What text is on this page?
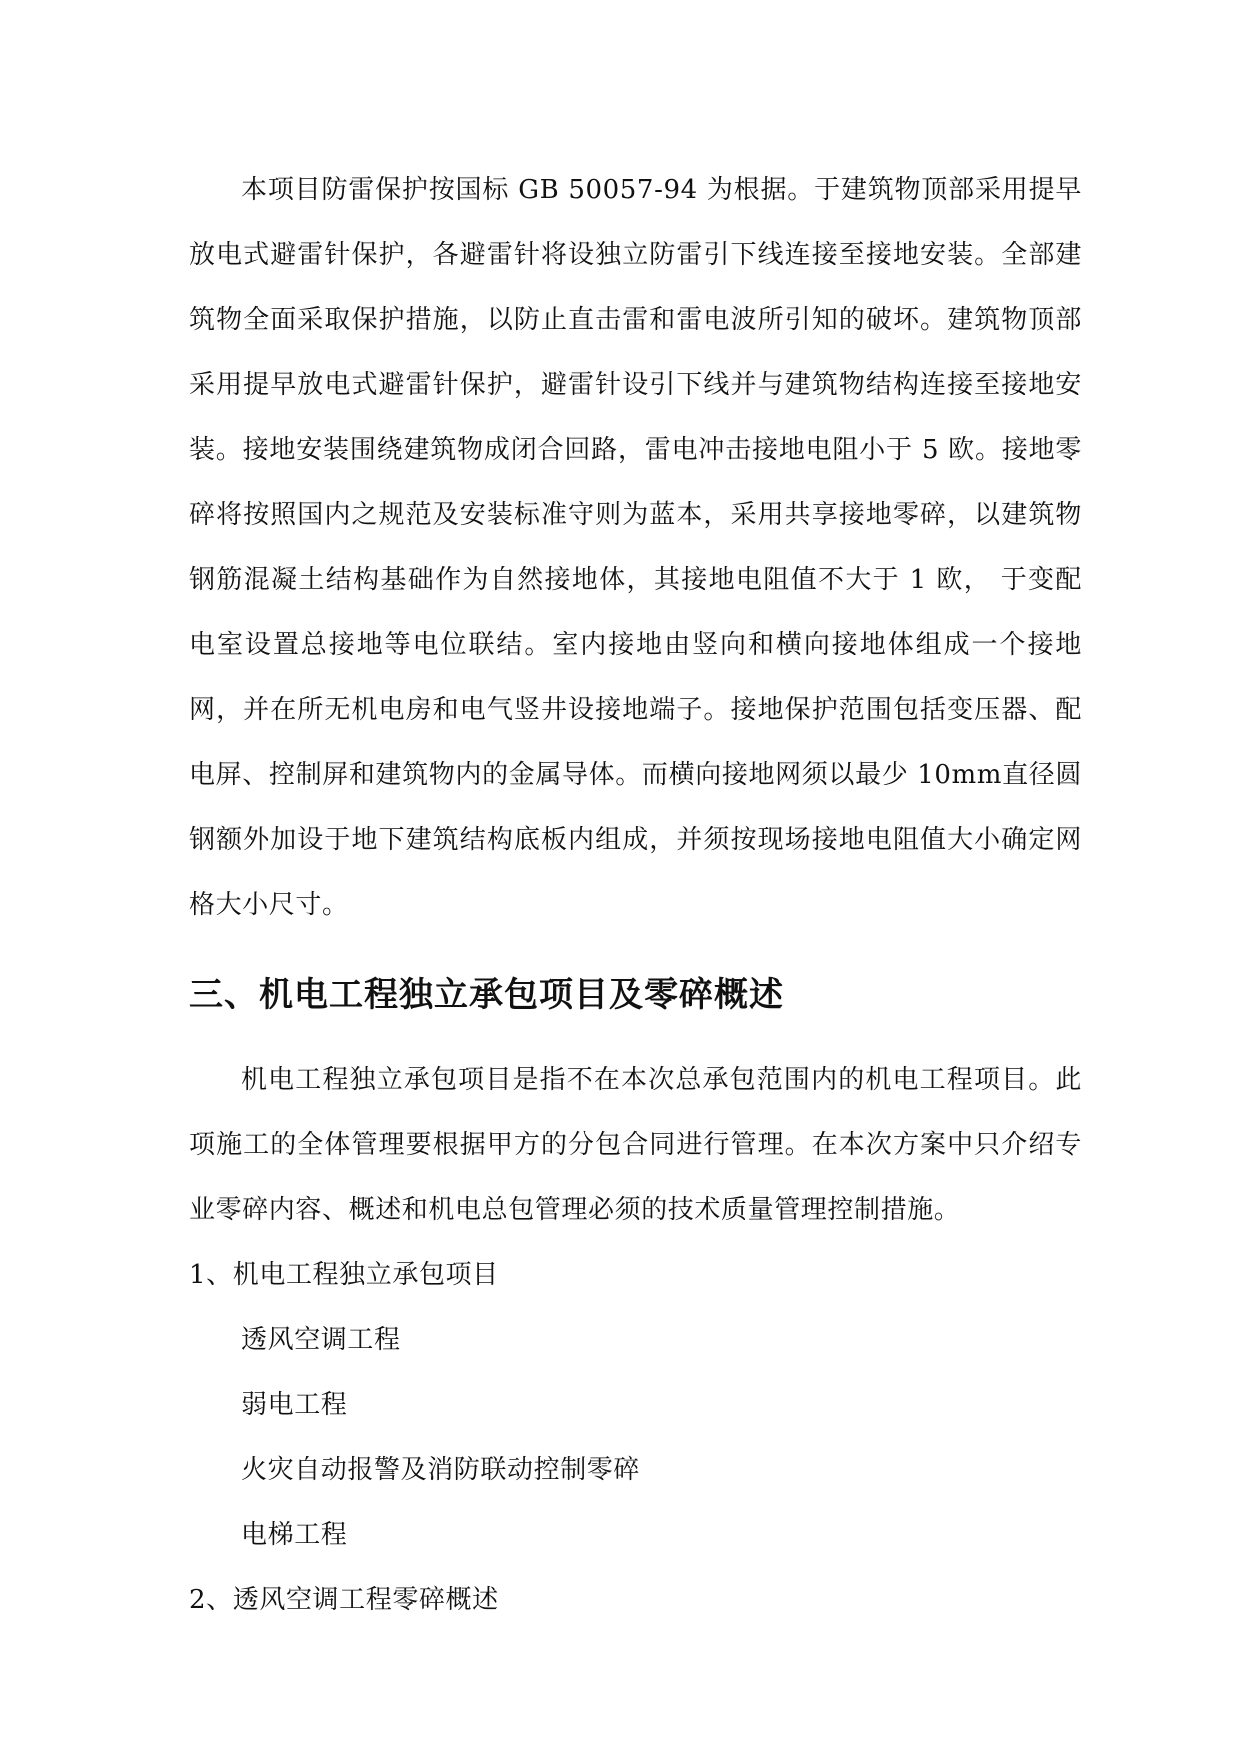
本项目防雷保护按国标 GB 50057-94 为根据。于建筑物顶部采用提早放电式避雷针保护，各避雷针将设独立防雷引下线连接至接地安装。全部建筑物全面采取保护措施，以防止直击雷和雷电波所引知的破坏。建筑物顶部采用提早放电式避雷针保护，避雷针设引下线并与建筑物结构连接至接地安装。接地安装围绕建筑物成闭合回路，雷电冲击接地电阻小于 5 欧。接地零碎将按照国内之规范及安装标准守则为蓝本，采用共享接地零碎，以建筑物钢筋混凝土结构基础作为自然接地体，其接地电阻值不大于 1 欧， 于变配电室设置总接地等电位联结。室内接地由竖向和横向接地体组成一个接地网，并在所无机电房和电气竖井设接地端子。接地保护范围包括变压器、配电屏、控制屏和建筑物内的金属导体。而横向接地网须以最少 10mm直径圆钢额外加设于地下建筑结构底板内组成，并须按现场接地电阻值大小确定网格大小尺寸。

三、机电工程独立承包项目及零碎概述

机电工程独立承包项目是指不在本次总承包范围内的机电工程项目。此项施工的全体管理要根据甲方的分包合同进行管理。在本次方案中只介绍专业零碎内容、概述和机电总包管理必须的技术质量管理控制措施。

1、机电工程独立承包项目

透风空调工程
弱电工程
火灾自动报警及消防联动控制零碎
电梯工程

2、透风空调工程零碎概述
